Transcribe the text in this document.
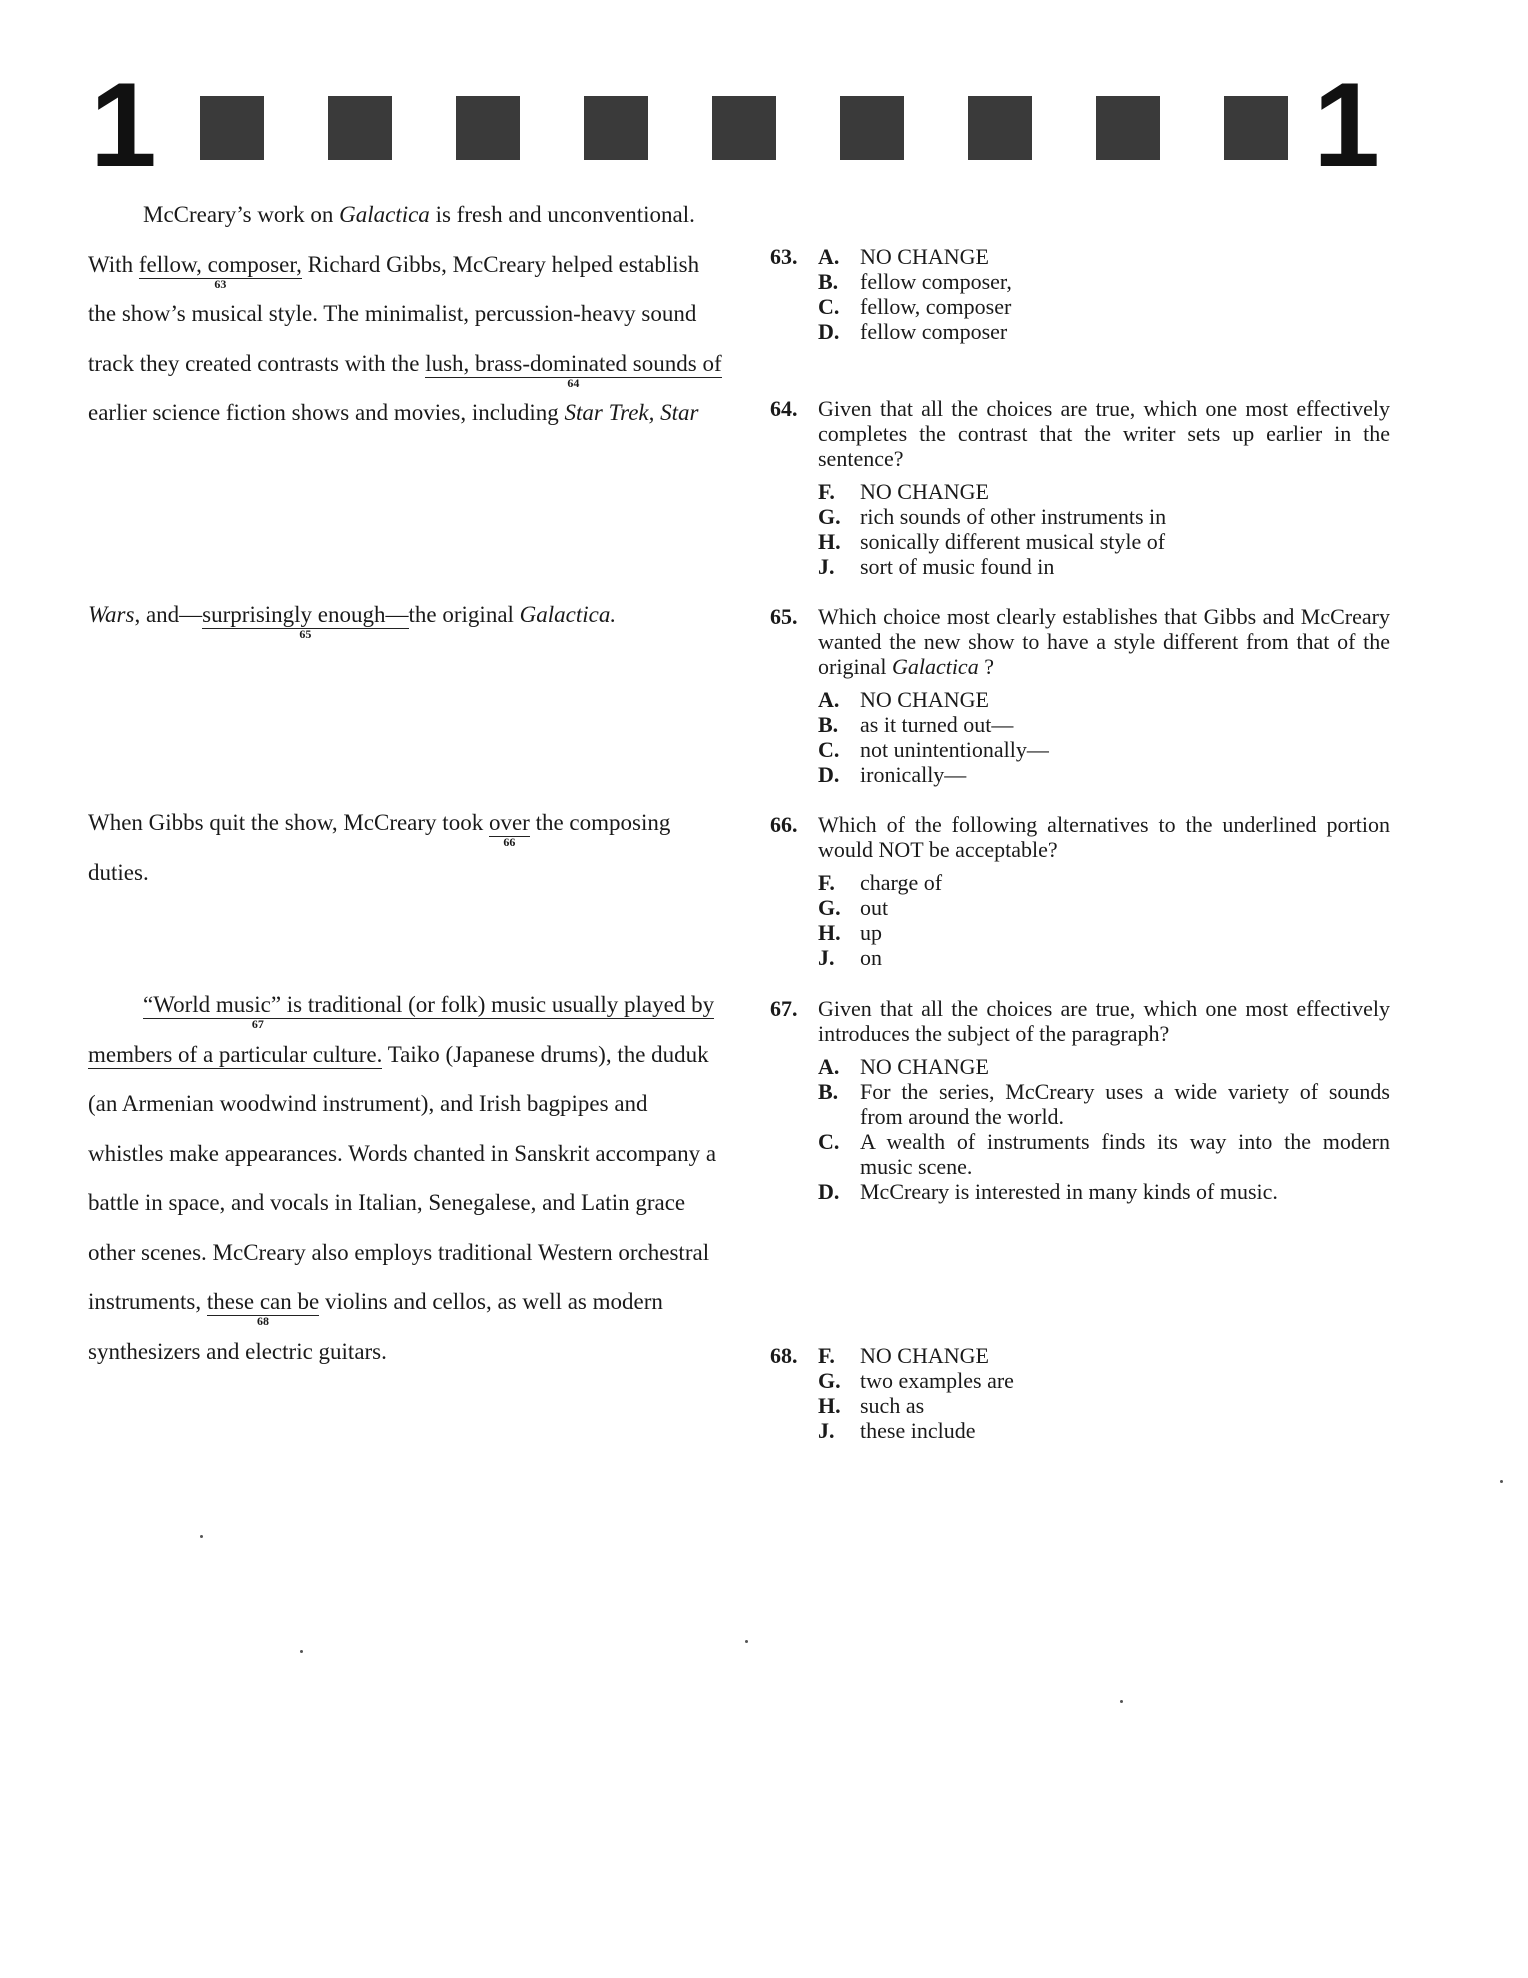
1	1
McCreary’s work on Galactica is fresh and unconventional. With fellow, composer,
63
Richard Gibbs, McCreary helped establish the show’s musical style. The minimalist, percussion-heavy sound track they created contrasts with the lush, brass-dominated sounds of
64
earlier science fiction shows and movies, including Star Trek, Star
Wars, and—surprisingly enough—
65
the original Galactica.
When Gibbs quit the show, McCreary took over
66
the composing duties.
“World music” is traditional (or folk) music usually played by members of a particular culture.
67
Taiko (Japanese drums), the duduk (an Armenian woodwind instrument), and Irish bagpipes and whistles make appearances. Words chanted in Sanskrit accompany a battle in space, and vocals in Italian, Senegalese, and Latin grace other scenes. McCreary also employs traditional Western orchestral instruments, these can be
68
violins and cellos, as well as modern synthesizers and electric guitars.
63. A. NO CHANGE
B. fellow composer,
C. fellow, composer
D. fellow composer
64. Given that all the choices are true, which one most effectively completes the contrast that the writer sets up earlier in the sentence?
F. NO CHANGE
G. rich sounds of other instruments in
H. sonically different musical style of
J. sort of music found in
65. Which choice most clearly establishes that Gibbs and McCreary wanted the new show to have a style different from that of the original Galactica ?
A. NO CHANGE
B. as it turned out—
C. not unintentionally—
D. ironically—
66. Which of the following alternatives to the underlined portion would NOT be acceptable?
F. charge of
G. out
H. up
J. on
67. Given that all the choices are true, which one most effectively introduces the subject of the paragraph?
A. NO CHANGE
B. For the series, McCreary uses a wide variety of sounds from around the world.
C. A wealth of instruments finds its way into the modern music scene.
D. McCreary is interested in many kinds of music.
68. F. NO CHANGE
G. two examples are
H. such as
J. these include
